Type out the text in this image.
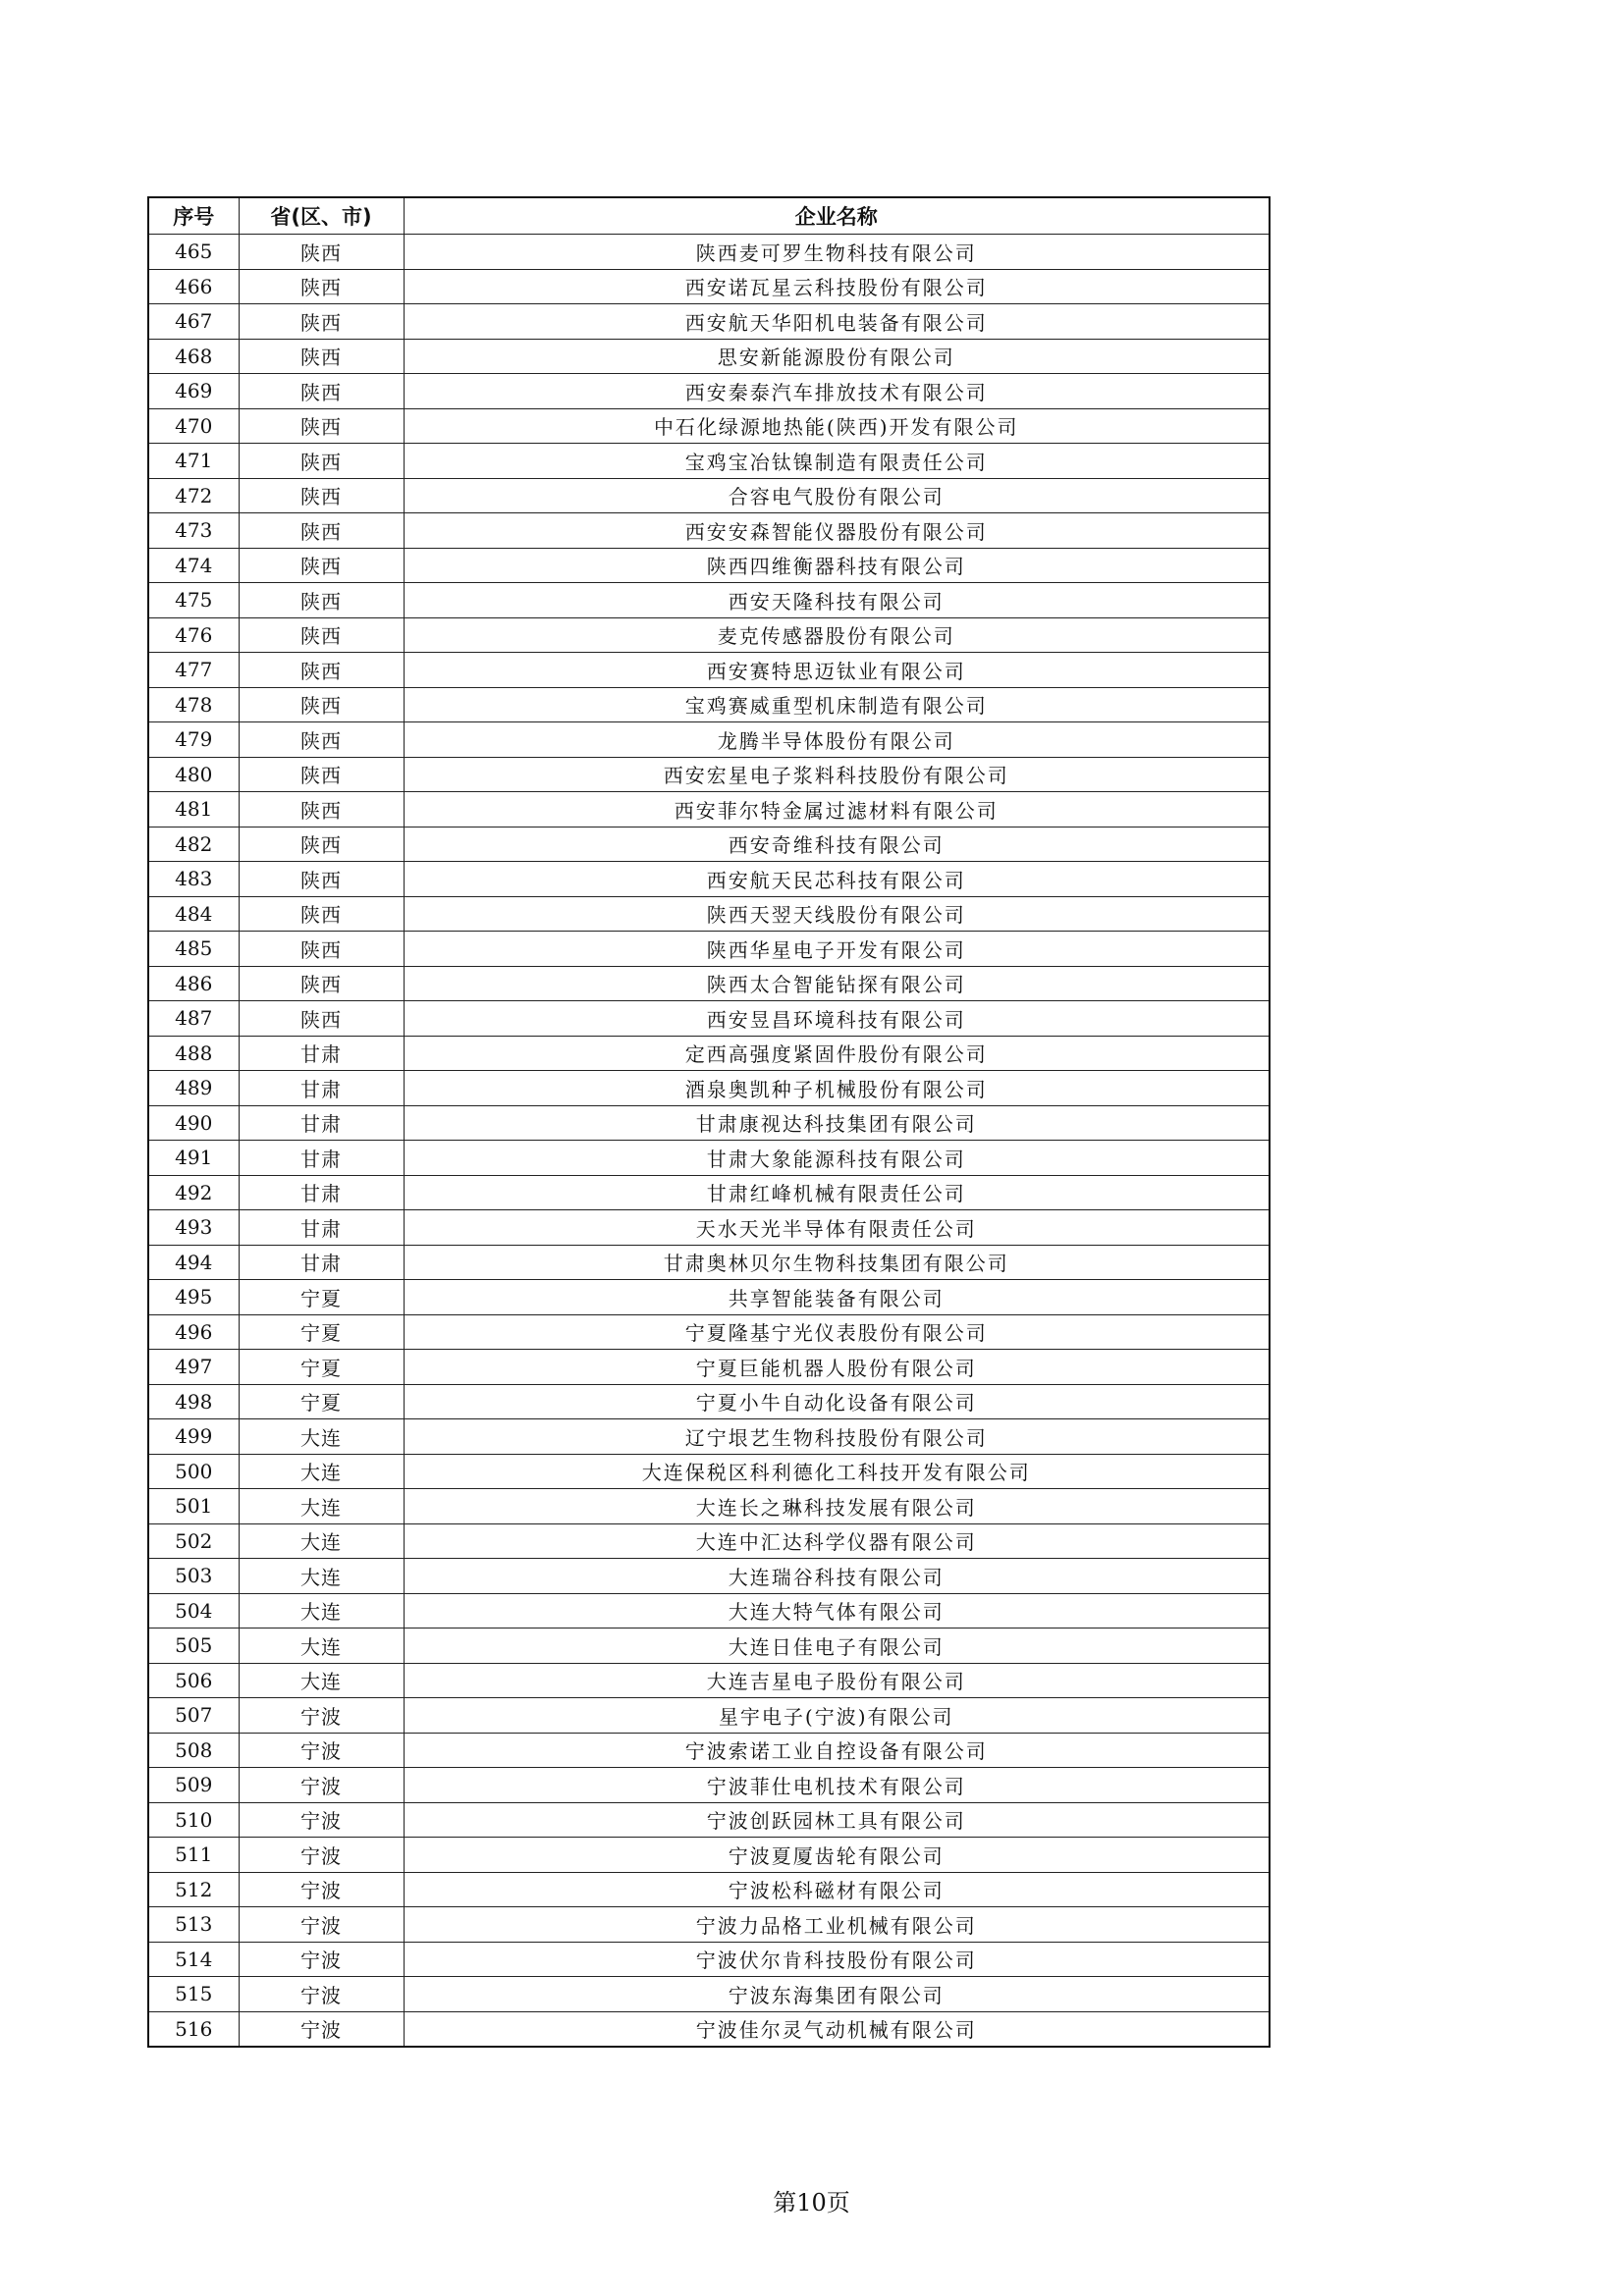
序号	省(区、市)	企业名称
465	陕西	陕西麦可罗生物科技有限公司
466	陕西	西安诺瓦星云科技股份有限公司
467	陕西	西安航天华阳机电装备有限公司
468	陕西	思安新能源股份有限公司
469	陕西	西安秦泰汽车排放技术有限公司
470	陕西	中石化绿源地热能(陕西)开发有限公司
471	陕西	宝鸡宝冶钛镍制造有限责任公司
472	陕西	合容电气股份有限公司
473	陕西	西安安森智能仪器股份有限公司
474	陕西	陕西四维衡器科技有限公司
475	陕西	西安天隆科技有限公司
476	陕西	麦克传感器股份有限公司
477	陕西	西安赛特思迈钛业有限公司
478	陕西	宝鸡赛威重型机床制造有限公司
479	陕西	龙腾半导体股份有限公司
480	陕西	西安宏星电子浆料科技股份有限公司
481	陕西	西安菲尔特金属过滤材料有限公司
482	陕西	西安奇维科技有限公司
483	陕西	西安航天民芯科技有限公司
484	陕西	陕西天翌天线股份有限公司
485	陕西	陕西华星电子开发有限公司
486	陕西	陕西太合智能钻探有限公司
487	陕西	西安昱昌环境科技有限公司
488	甘肃	定西高强度紧固件股份有限公司
489	甘肃	酒泉奥凯种子机械股份有限公司
490	甘肃	甘肃康视达科技集团有限公司
491	甘肃	甘肃大象能源科技有限公司
492	甘肃	甘肃红峰机械有限责任公司
493	甘肃	天水天光半导体有限责任公司
494	甘肃	甘肃奥林贝尔生物科技集团有限公司
495	宁夏	共享智能装备有限公司
496	宁夏	宁夏隆基宁光仪表股份有限公司
497	宁夏	宁夏巨能机器人股份有限公司
498	宁夏	宁夏小牛自动化设备有限公司
499	大连	辽宁垠艺生物科技股份有限公司
500	大连	大连保税区科利德化工科技开发有限公司
501	大连	大连长之琳科技发展有限公司
502	大连	大连中汇达科学仪器有限公司
503	大连	大连瑞谷科技有限公司
504	大连	大连大特气体有限公司
505	大连	大连日佳电子有限公司
506	大连	大连吉星电子股份有限公司
507	宁波	星宇电子(宁波)有限公司
508	宁波	宁波索诺工业自控设备有限公司
509	宁波	宁波菲仕电机技术有限公司
510	宁波	宁波创跃园林工具有限公司
511	宁波	宁波夏厦齿轮有限公司
512	宁波	宁波松科磁材有限公司
513	宁波	宁波力品格工业机械有限公司
514	宁波	宁波伏尔肯科技股份有限公司
515	宁波	宁波东海集团有限公司
516	宁波	宁波佳尔灵气动机械有限公司
第10页
